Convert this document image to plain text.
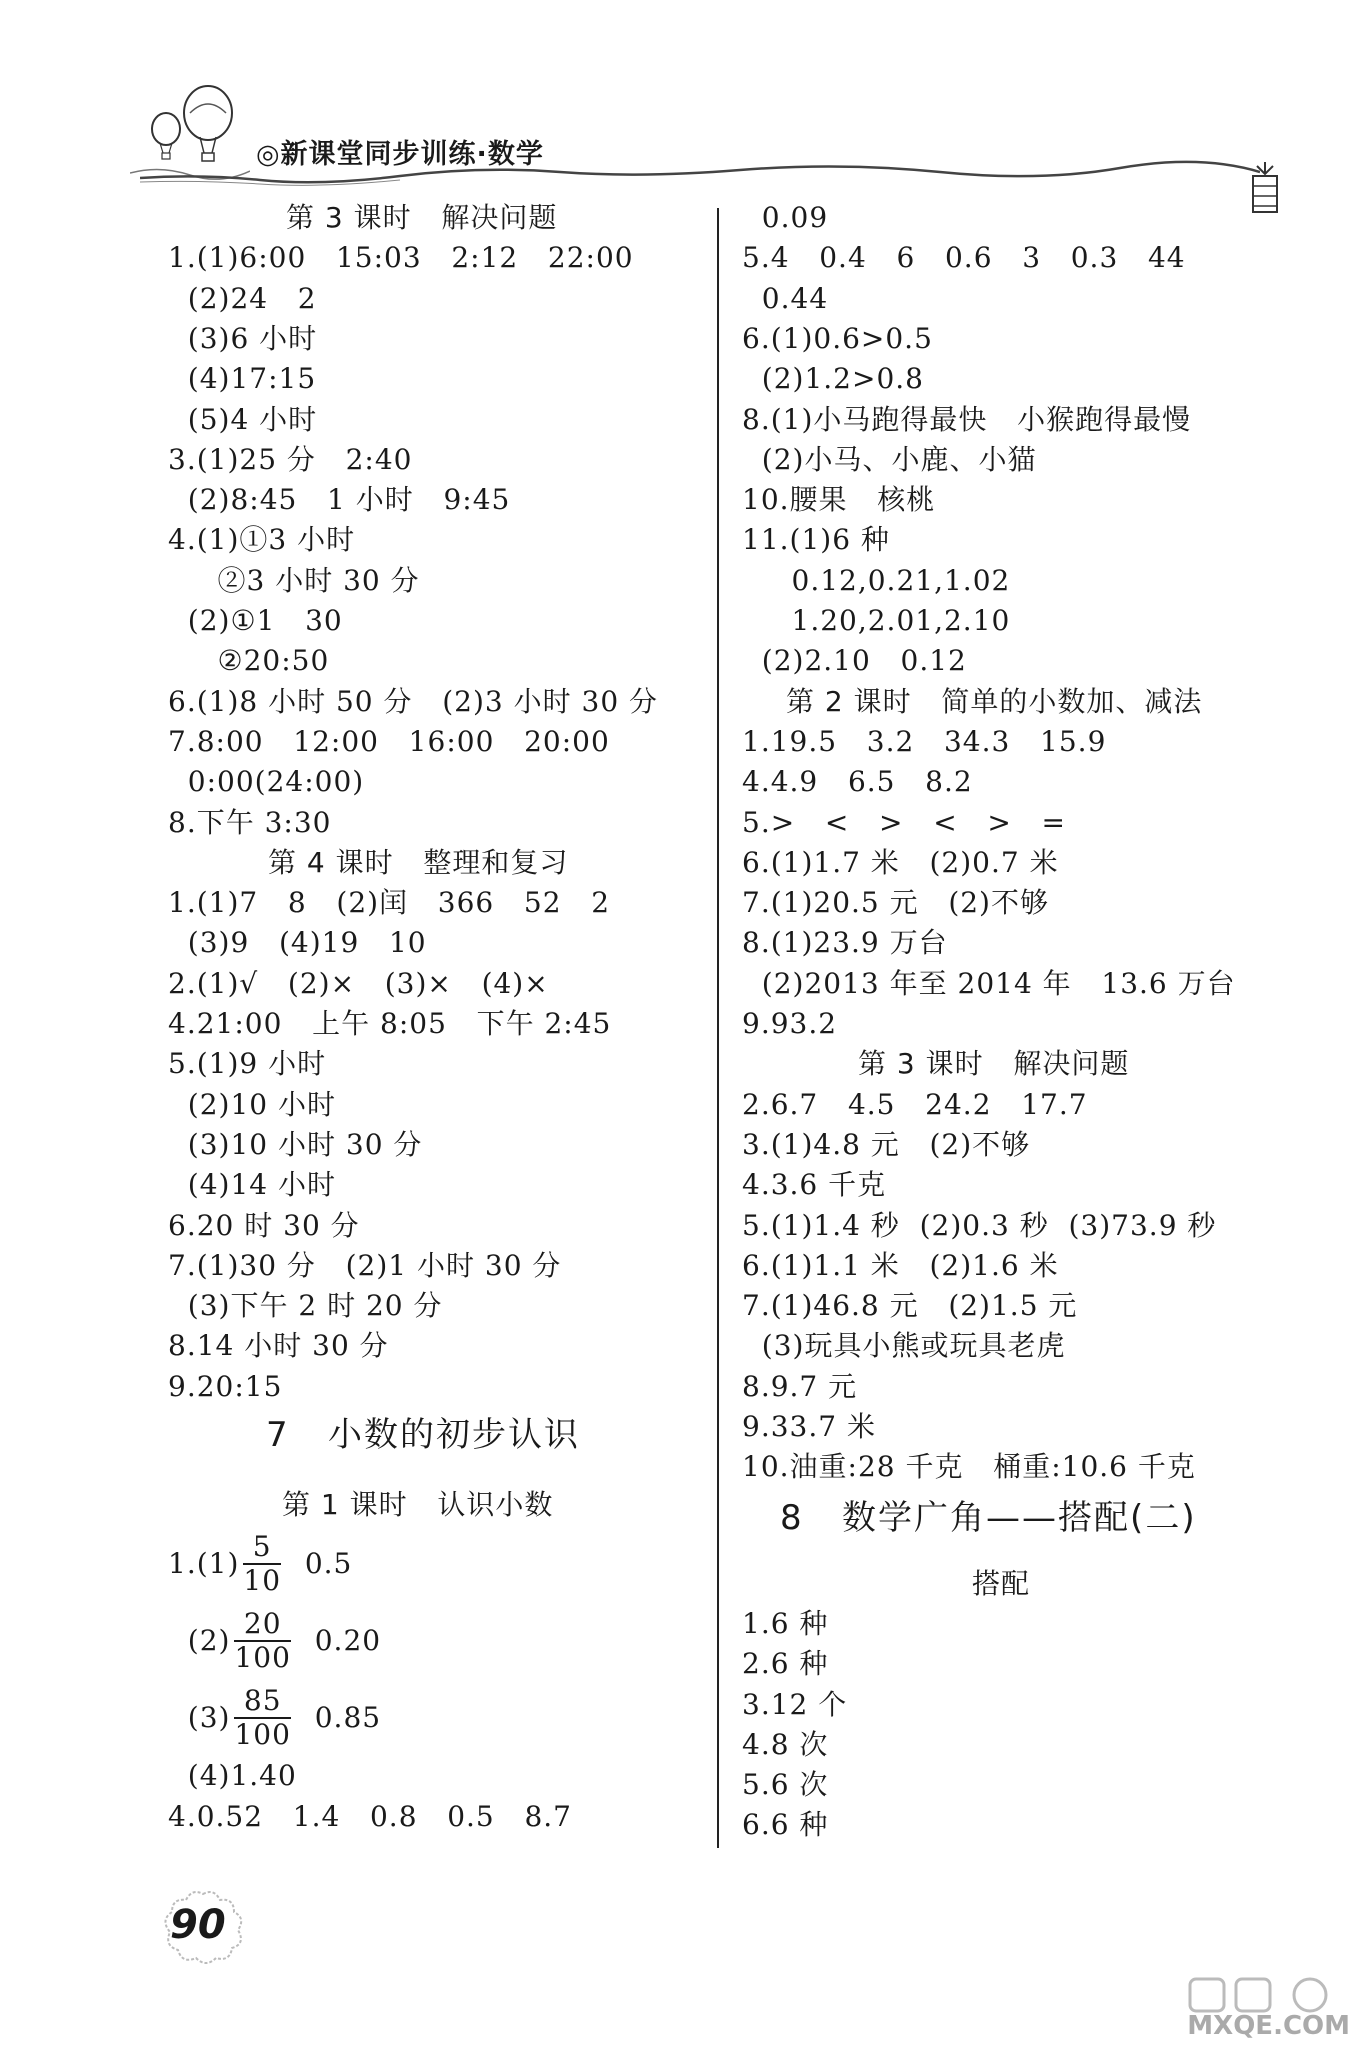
◎新课堂同步训练·数学
第 3 课时   解决问题
1.(1)6:00   15:03   2:12   22:00
(2)24   2
(3)6 小时
(4)17:15
(5)4 小时
3.(1)25 分   2:40
(2)8:45   1 小时   9:45
4.(1)①3 小时
②3 小时 30 分
(2)①1   30
②20:50
6.(1)8 小时 50 分   (2)3 小时 30 分
7.8:00   12:00   16:00   20:00
0:00(24:00)
8.下午 3:30
第 4 课时   整理和复习
1.(1)7   8   (2)闰   366   52   2
(3)9   (4)19   10
2.(1)√   (2)×   (3)×   (4)×
4.21:00   上午 8:05   下午 2:45
5.(1)9 小时
(2)10 小时
(3)10 小时 30 分
(4)14 小时
6.20 时 30 分
7.(1)30 分   (2)1 小时 30 分
(3)下午 2 时 20 分
8.14 小时 30 分
9.20:15
7   小数的初步认识
第 1 课时   认识小数
$1.(1) \frac{5}{10} 0.5$
$(2) \frac{20}{100} 0.20$
$(3) \frac{85}{100} 0.85$
(4)1.40
4.0.52   1.4   0.8   0.5   8.7
0.09
5.4   0.4   6   0.6   3   0.3   44
0.44
6.(1)0.6>0.5
(2)1.2>0.8
8.(1)小马跑得最快   小猴跑得最慢
(2)小马、小鹿、小猫
10.腰果   核桃
11.(1)6 种
0.12,0.21,1.02
1.20,2.01,2.10
(2)2.10   0.12
第 2 课时   简单的小数加、减法
1.19.5   3.2   34.3   15.9
4.4.9   6.5   8.2
5.>   <   >   <   >   =
6.(1)1.7 米   (2)0.7 米
7.(1)20.5 元   (2)不够
8.(1)23.9 万台
(2)2013 年至 2014 年   13.6 万台
9.93.2
第 3 课时   解决问题
2.6.7   4.5   24.2   17.7
3.(1)4.8 元   (2)不够
4.3.6 千克
5.(1)1.4 秒  (2)0.3 秒  (3)73.9 秒
6.(1)1.1 米   (2)1.6 米
7.(1)46.8 元   (2)1.5 元
(3)玩具小熊或玩具老虎
8.9.7 元
9.33.7 米
10.油重:28 千克   桶重:10.6 千克
8   数学广角——搭配(二)
搭配
1.6 种
2.6 种
3.12 个
4.8 次
5.6 次
6.6 种
90
MXQE.COM
